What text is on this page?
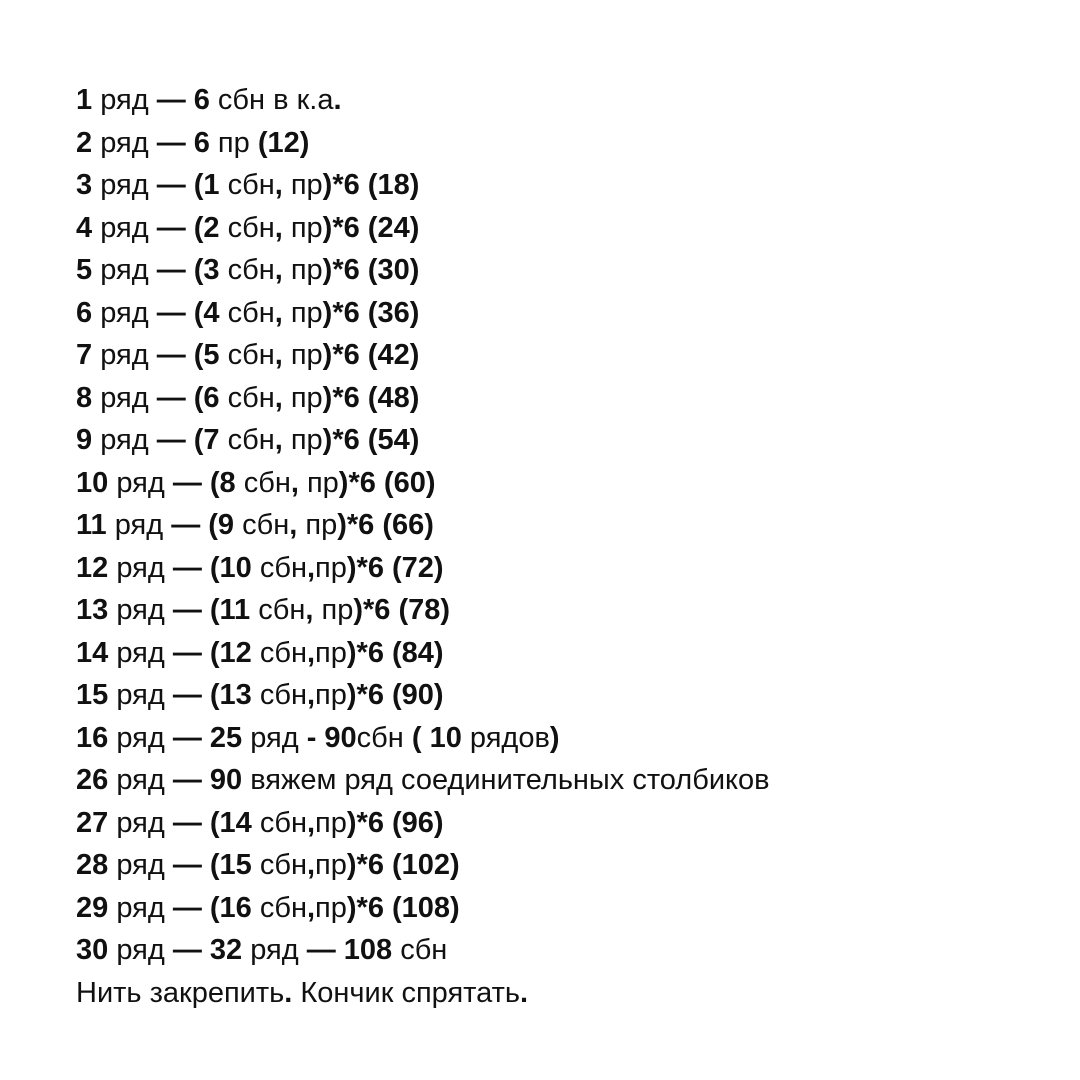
1 ряд — 6 сбн в к.а.
2 ряд — 6 пр (12)
3 ряд — (1 сбн, пр)*6 (18)
4 ряд — (2 сбн, пр)*6 (24)
5 ряд — (3 сбн, пр)*6 (30)
6 ряд — (4 сбн, пр)*6 (36)
7 ряд — (5 сбн, пр)*6 (42)
8 ряд — (6 сбн, пр)*6 (48)
9 ряд — (7 сбн, пр)*6 (54)
10 ряд — (8 сбн, пр)*6 (60)
11 ряд — (9 сбн, пр)*6 (66)
12 ряд — (10 сбн,пр)*6 (72)
13 ряд — (11 сбн, пр)*6 (78)
14 ряд — (12 сбн,пр)*6 (84)
15 ряд — (13 сбн,пр)*6 (90)
16 ряд — 25 ряд - 90сбн ( 10 рядов)
26 ряд — 90 вяжем ряд соединительных столбиков
27 ряд — (14 сбн,пр)*6 (96)
28 ряд — (15 сбн,пр)*6 (102)
29 ряд — (16 сбн,пр)*6 (108)
30 ряд — 32 ряд — 108 сбн
Нить закрепить. Кончик спрятать.
